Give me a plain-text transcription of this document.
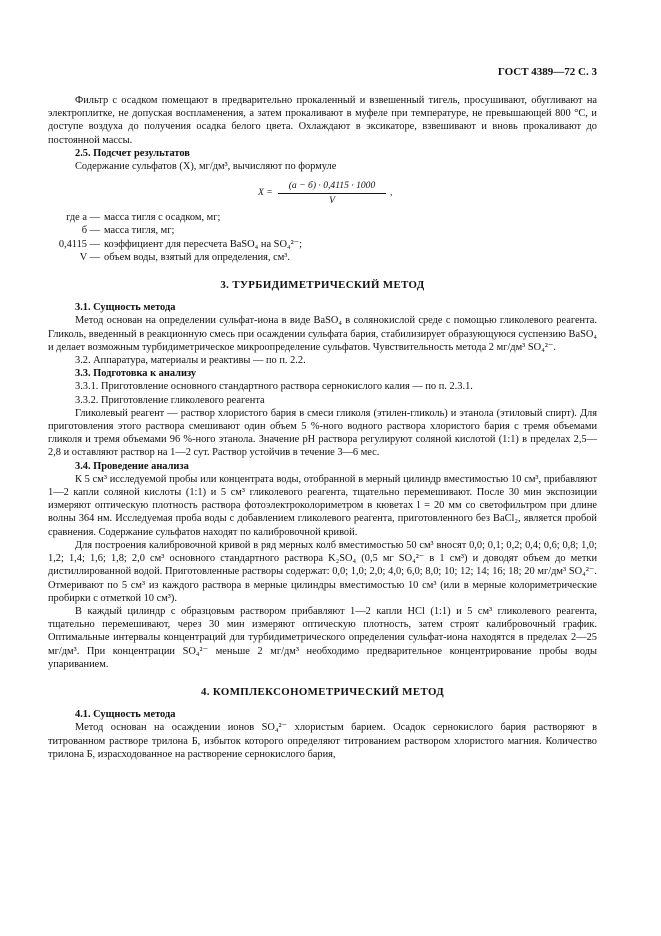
ГОСТ 4389—72 С. 3

Фильтр с осадком помещают в предварительно прокаленный и взвешенный тигель, просушивают, обугливают на электроплитке, не допуская воспламенения, а затем прокаливают в муфеле при температуре, не превышающей 800 °С, и доступе воздуха до получения осадка белого цвета. Охлаждают в эксикаторе, взвешивают и вновь прокаливают до постоянной массы.

2.5. Подсчет результатов

Содержание сульфатов (X), мг/дм³, вычисляют по формуле

X =
(a − б) · 0,4115 · 1000
V
,
где a — масса тигля с осадком, мг;
б — масса тигля, мг;
0,4115 — коэффициент для пересчета BaSO₄ на SO₄²⁻;
V — объем воды, взятый для определения, см³.
3. ТУРБИДИМЕТРИЧЕСКИЙ МЕТОД

3.1. Сущность метода

Метод основан на определении сульфат-иона в виде BaSO₄ в солянокислой среде с помощью гликолевого реагента. Гликоль, введенный в реакционную смесь при осаждении сульфата бария, стабилизирует образующуюся суспензию BaSO₄ и делает возможным турбидиметрическое микроопределение сульфатов. Чувствительность метода 2 мг/дм³ SO₄²⁻.

3.2. Аппаратура, материалы и реактивы — по п. 2.2.

3.3. Подготовка к анализу

3.3.1. Приготовление основного стандартного раствора сернокислого калия — по п. 2.3.1.

3.3.2. Приготовление гликолевого реагента

Гликолевый реагент — раствор хлористого бария в смеси гликоля (этилен-гликоль) и этанола (этиловый спирт). Для приготовления этого раствора смешивают один объем 5 %-ного водного раствора хлористого бария с тремя объемами гликоля и тремя объемами 96 %-ного этанола. Значение pH раствора регулируют соляной кислотой (1:1) в пределах 2,5—2,8 и оставляют раствор на 1—2 сут. Раствор устойчив в течение 3—6 мес.

3.4. Проведение анализа

К 5 см³ исследуемой пробы или концентрата воды, отобранной в мерный цилиндр вместимостью 10 см³, прибавляют 1—2 капли соляной кислоты (1:1) и 5 см³ гликолевого реагента, тщательно перемешивают. После 30 мин экспозиции измеряют оптическую плотность раствора фотоэлектроколориметром в кюветах l = 20 мм со светофильтром при длине волны 364 нм. Исследуемая проба воды с добавлением гликолевого реагента, приготовленного без BaCl₂, является пробой сравнения. Содержание сульфатов находят по калибровочной кривой.

Для построения калибровочной кривой в ряд мерных колб вместимостью 50 см³ вносят 0,0; 0,1; 0,2; 0,4; 0,6; 0,8; 1,0; 1,2; 1,4; 1,6; 1,8; 2,0 см³ основного стандартного раствора K₂SO₄ (0,5 мг SO₄²⁻ в 1 см³) и доводят объем до метки дистиллированной водой. Приготовленные растворы содержат: 0,0; 1,0; 2,0; 4,0; 6,0; 8,0; 10; 12; 14; 16; 18; 20 мг/дм³ SO₄²⁻. Отмеривают по 5 см³ из каждого раствора в мерные цилиндры вместимостью 10 см³ (или в мерные колориметрические пробирки с отметкой 10 см³).

В каждый цилиндр с образцовым раствором прибавляют 1—2 капли HCl (1:1) и 5 см³ гликолевого реагента, тщательно перемешивают, через 30 мин измеряют оптическую плотность, затем строят калибровочный график. Оптимальные интервалы концентраций для турбидиметрического определения сульфат-иона находятся в пределах 2—25 мг/дм³. При концентрации SO₄²⁻ меньше 2 мг/дм³ необходимо предварительное концентрирование пробы воды упариванием.

4. КОМПЛЕКСОНОМЕТРИЧЕСКИЙ МЕТОД

4.1. Сущность метода

Метод основан на осаждении ионов SO₄²⁻ хлористым барием. Осадок сернокислого бария растворяют в титрованном растворе трилона Б, избыток которого определяют титрованием раствором хлористого магния. Количество трилона Б, израсходованное на растворение сернокислого бария,
